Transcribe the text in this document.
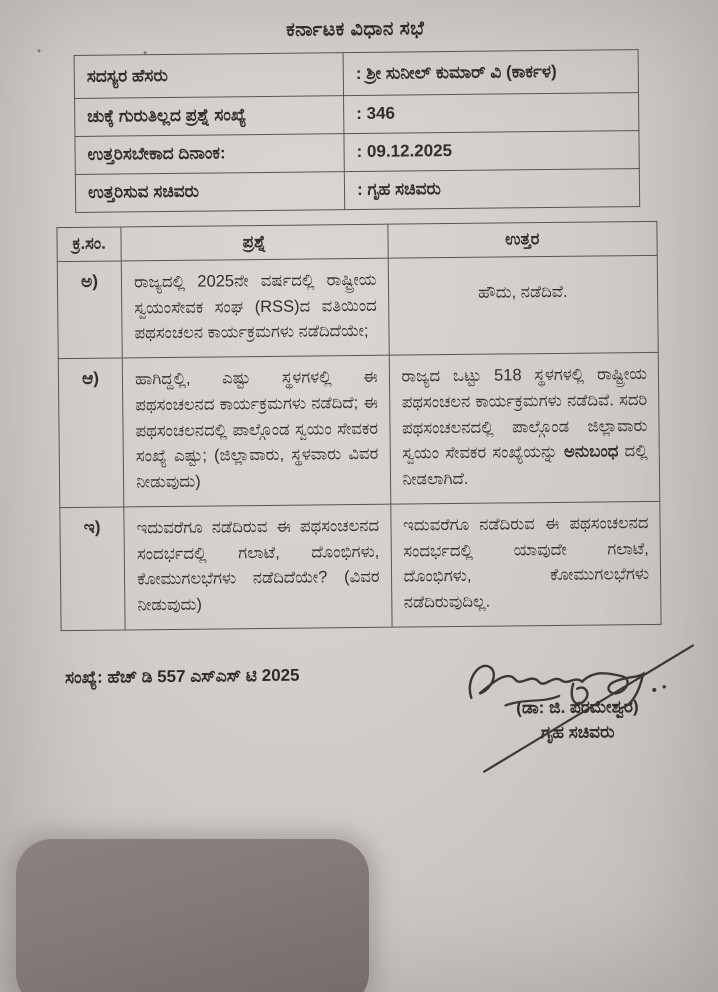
ಕರ್ನಾಟಕ ವಿಧಾನ ಸಭೆ
ಸದಸ್ಯರ ಹೆಸರು	: ಶ್ರೀ ಸುನೀಲ್ ಕುಮಾರ್ ವಿ (ಕಾರ್ಕಳ)
ಚುಕ್ಕೆ ಗುರುತಿಲ್ಲದ ಪ್ರಶ್ನೆ ಸಂಖ್ಯೆ	: 346
ಉತ್ತರಿಸಬೇಕಾದ ದಿನಾಂಕ:	: 09.12.2025
ಉತ್ತರಿಸುವ ಸಚಿವರು	: ಗೃಹ ಸಚಿವರು
ಕ್ರ.ಸಂ.	ಪ್ರಶ್ನೆ	ಉತ್ತರ
ಅ)	ರಾಜ್ಯದಲ್ಲಿ 2025ನೇ ವರ್ಷದಲ್ಲಿ ರಾಷ್ಟ್ರೀಯ ಸ್ವಯಂಸೇವಕ ಸಂಘ (RSS)ದ ವತಿಯಿಂದ ಪಥಸಂಚಲನ ಕಾರ್ಯಕ್ರಮಗಳು ನಡೆದಿದೆಯೇ;	ಹೌದು, ನಡೆದಿವೆ.
ಆ)	ಹಾಗಿದ್ದಲ್ಲಿ, ಎಷ್ಟು ಸ್ಥಳಗಳಲ್ಲಿ ಈ ಪಥಸಂಚಲನದ ಕಾರ್ಯಕ್ರಮಗಳು ನಡೆದಿದೆ; ಈ ಪಥಸಂಚಲನದಲ್ಲಿ ಪಾಲ್ಗೊಂಡ ಸ್ವಯಂ ಸೇವಕರ ಸಂಖ್ಯೆ ಎಷ್ಟು; (ಜಿಲ್ಲಾವಾರು, ಸ್ಥಳವಾರು ವಿವರ ನೀಡುವುದು)	ರಾಜ್ಯದ ಒಟ್ಟು 518 ಸ್ಥಳಗಳಲ್ಲಿ ರಾಷ್ಟ್ರೀಯ ಪಥಸಂಚಲನ ಕಾರ್ಯಕ್ರಮಗಳು ನಡೆದಿವೆ. ಸದರಿ ಪಥಸಂಚಲನದಲ್ಲಿ ಪಾಲ್ಗೊಂಡ ಜಿಲ್ಲಾವಾರು ಸ್ವಯಂ ಸೇವಕರ ಸಂಖ್ಯೆಯನ್ನು ಅನುಬಂಧ ದಲ್ಲಿ ನೀಡಲಾಗಿದೆ.
ಇ)	ಇದುವರೆಗೂ ನಡೆದಿರುವ ಈ ಪಥಸಂಚಲನದ ಸಂದರ್ಭದಲ್ಲಿ ಗಲಾಟೆ, ದೊಂಭಿಗಳು, ಕೋಮುಗಲಭೆಗಳು ನಡೆದಿದೆಯೇ? (ವಿವರ ನೀಡುವುದು)	ಇದುವರೆಗೂ ನಡೆದಿರುವ ಈ ಪಥಸಂಚಲನದ ಸಂದರ್ಭದಲ್ಲಿ ಯಾವುದೇ ಗಲಾಟೆ, ದೊಂಭಿಗಳು, ಕೋಮುಗಲಭೆಗಳು ನಡೆದಿರುವುದಿಲ್ಲ.
ಸಂಖ್ಯೆ: ಹೆಚ್ ಡಿ 557 ಎಸ್‌ಎಸ್ ಟಿ 2025
(ಡಾ: ಜಿ. ಪರಮೇಶ್ವರ)
ಗೃಹ ಸಚಿವರು
